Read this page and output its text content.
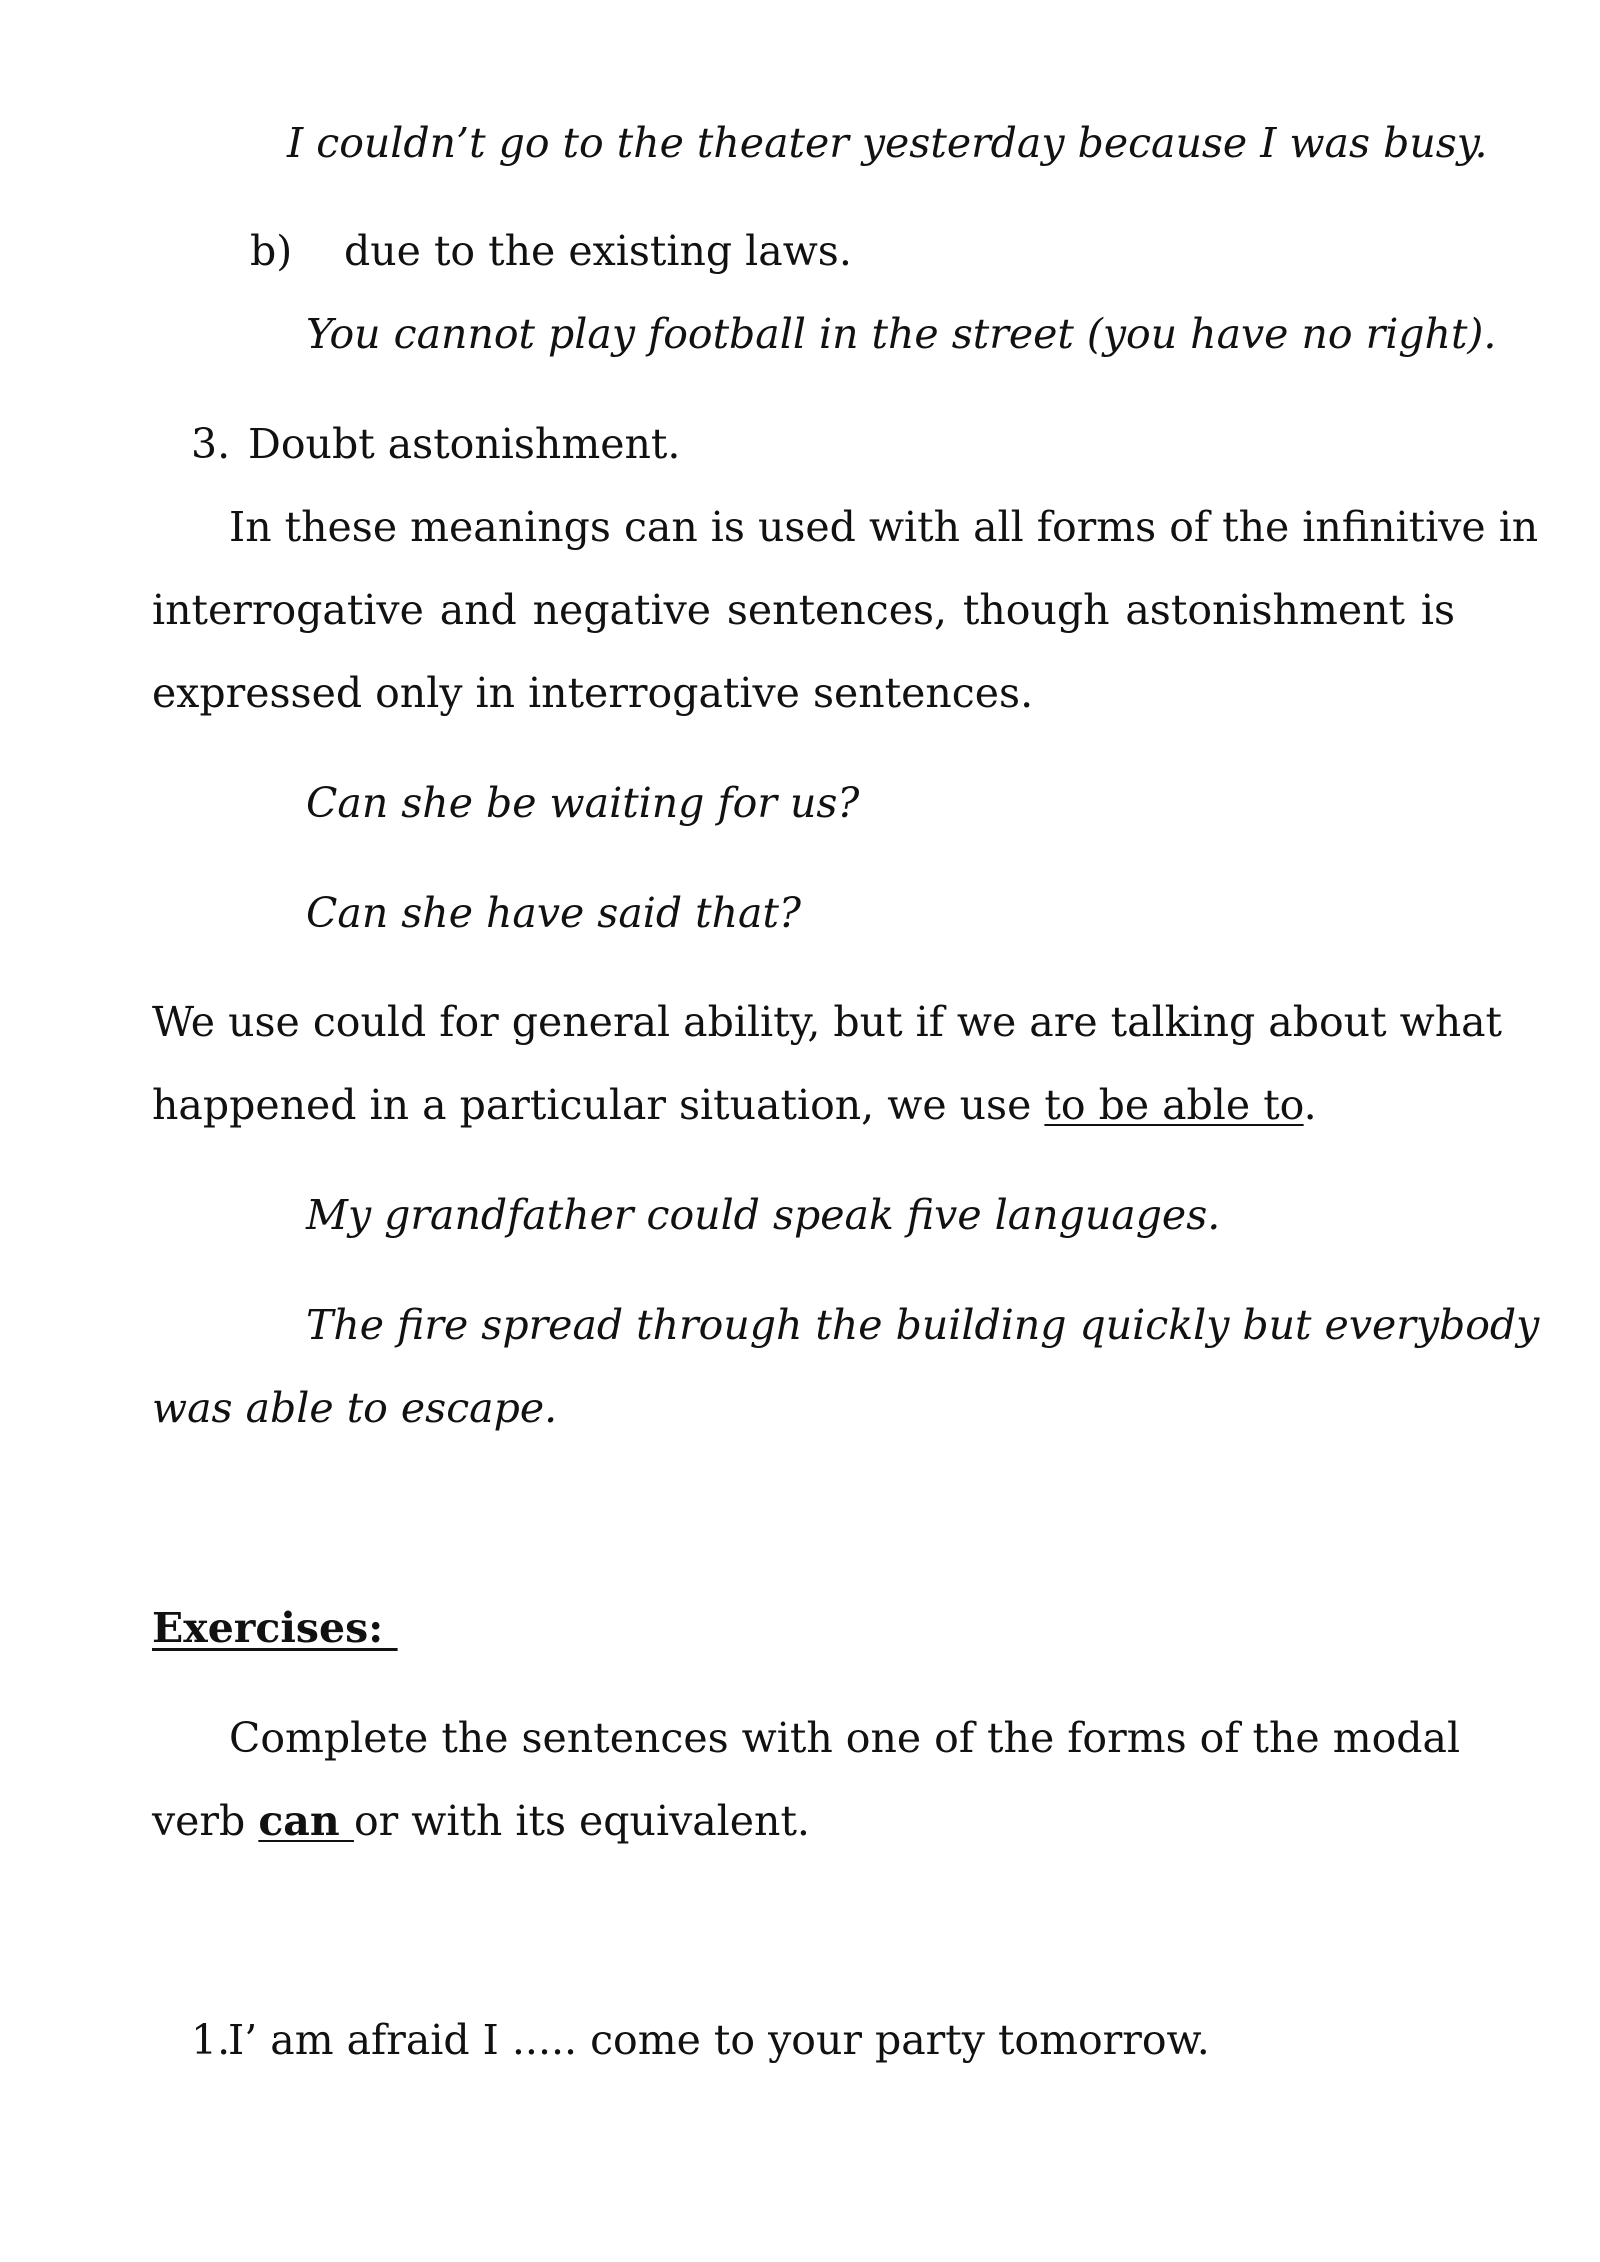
I couldn’t go to the theater yesterday because I was busy.
b) due to the existing laws.
You cannot play football in the street (you have no right).
3. Doubt astonishment.
In these meanings can is used with all forms of the infinitive in
interrogative and negative sentences, though astonishment is
expressed only in interrogative sentences.
Can she be waiting for us?
Can she have said that?
We use could for general ability, but if we are talking about what
happened in a particular situation, we use to be able to.
My grandfather could speak five languages.
The fire spread through the building quickly but everybody
was able to escape.
Exercises:
Complete the sentences with one of the forms of the modal
verb can or with its equivalent.
1.
I’ am afraid I ..... come to your party tomorrow.
